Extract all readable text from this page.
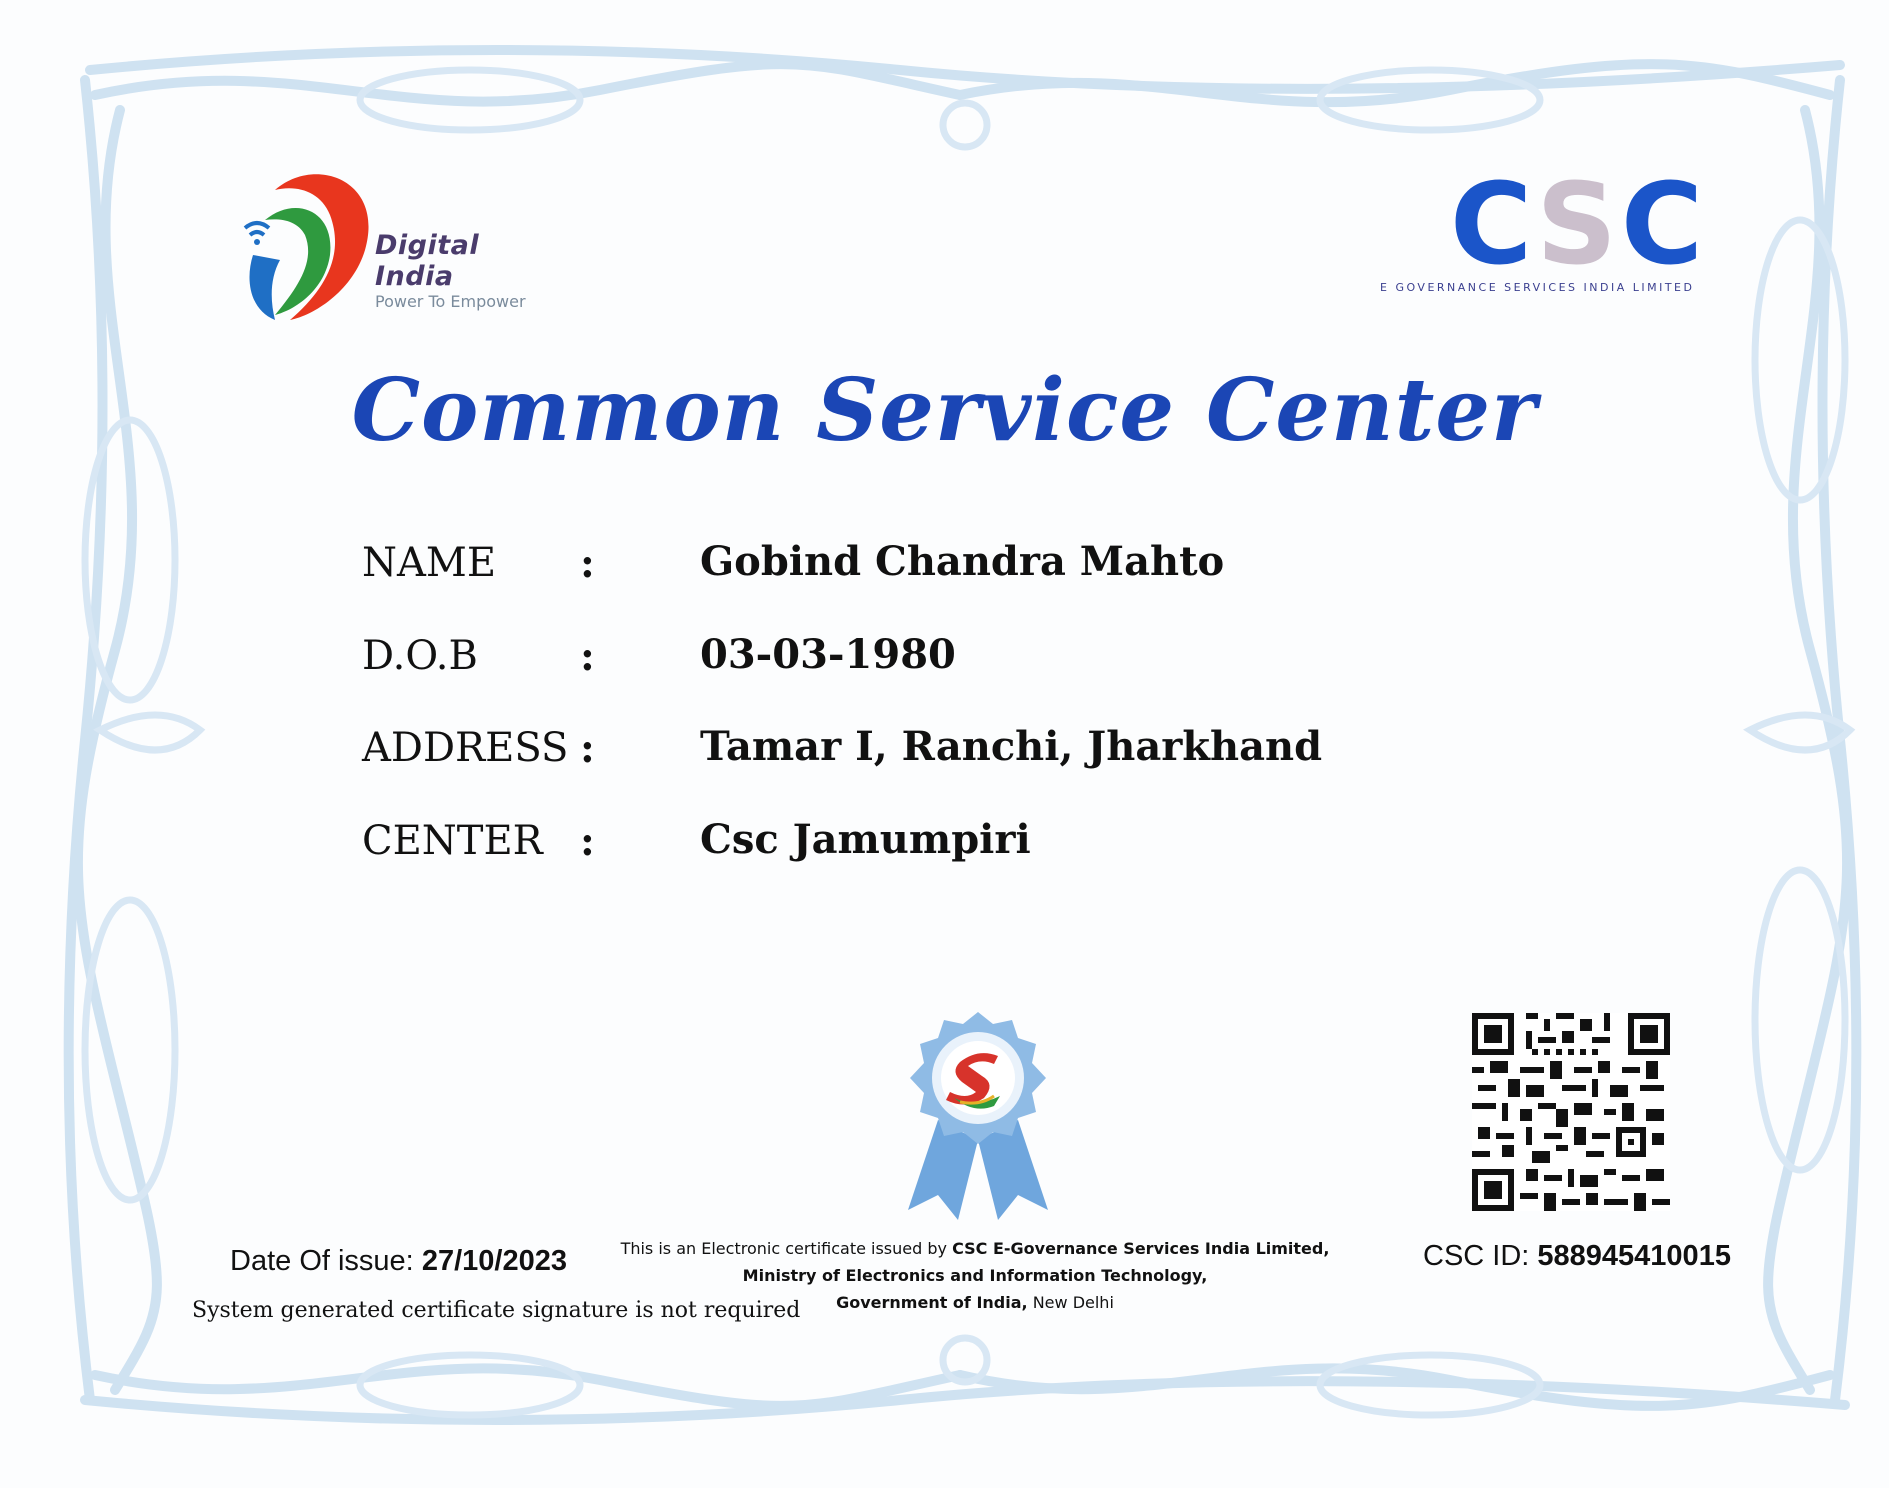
Digital India
Power To Empower
C S C
E GOVERNANCE SERVICES INDIA LIMITED
Common Service Center
NAME :	Gobind Chandra Mahto
D.O.B	:	03-03-1980
ADDRESS :	Tamar I, Ranchi, Jharkhand
CENTER :	Csc Jamumpiri
Date Of issue: 27/10/2023
System generated certificate signature is not required
This is an Electronic certificate issued by CSC E-Governance Services India Limited,
Ministry of Electronics and Information Technology,
Government of India, New Delhi
CSC ID: 588945410015
